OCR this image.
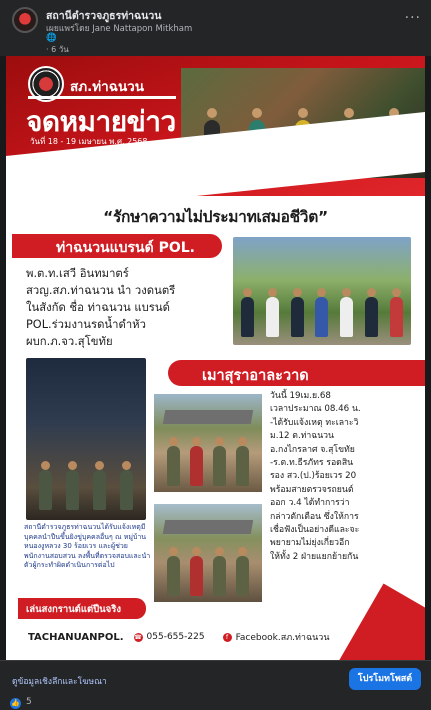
สถานีตำรวจภูธรท่าฉนวน
เผยแพร่โดย Jane Nattapon Mitkham
🌐
· 6 วัน
···
สภ.ท่าฉนวน
จดหมายข่าว
วันที่ 18 - 19 เมษายน พ.ศ. 2568
“รักษาความไม่ประมาทเสมอชีวิต”
ท่าฉนวนแบรนด์ POL.

พ.ต.ท.เสวี อินทมาตร์

สวญ.สภ.ท่าฉนวน นำ วงดนตรี

ในสังกัด ชื่อ ท่าฉนวน แบรนด์

POL.ร่วมงานรดน้ำดำหัว

ผบก.ภ.จว.สุโขทัย

สถานีตำรวจภูธรท่าฉนวนได้รับแจ้งเหตุมีบุคคลนำปืนขึ้นยิงขู่บุคคลอื่นๆ ณ หมู่บ้านหนองงูหลวง 30 ร้อยเวร และผู้ช่วยพนักงานสอบสวน ลงพื้นที่ตรวจสอบและนำตัวผู้กระทำผิดดำเนินการต่อไป
เมาสุราอาละวาด

วันนี้ 19เม.ย.68

เวลาประมาณ 08.46 น.

-ได้รับแจ้งเหตุ ทะเลาะวิ

ม.12 ต.ท่าฉนวน

อ.กงไกรลาศ จ.สุโขทัย

-ร.ต.ท.ธีรภัทร รอดสิน

รอง สว.(ป.)ร้อยเวร 20

พร้อมสายตรวจรถยนต์

ออก ว.4 ได้ทำการว่า

กล่าวตักเตือน ซึ่งให้การ

เชื่อฟังเป็นอย่างดีและจะ

พยายามไม่ยุ่งเกี่ยวอีก

ให้ทั้ง 2 ฝ่ายแยกย้ายกัน

เล่นสงกรานต์แต่ปีนจริง
TACHANUANPOL. ☎ 055-655-225	f Facebook.สภ.ท่าฉนวน
ดูข้อมูลเชิงลึกและโฆษณา	โปรโมทโพสต์
👍 5
